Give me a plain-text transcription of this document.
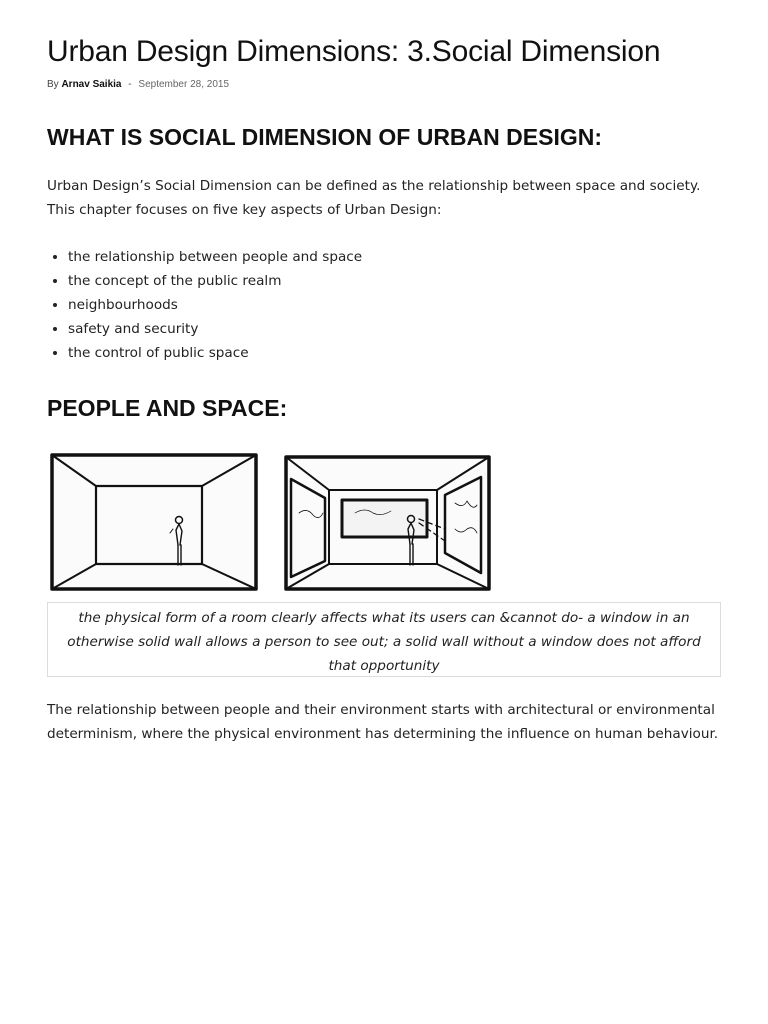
Urban Design Dimensions: 3.Social Dimension
By Arnav Saikia - September 28, 2015
WHAT IS SOCIAL DIMENSION OF URBAN DESIGN:

Urban Design’s Social Dimension can be defined as the relationship between space and society. This chapter focuses on five key aspects of Urban Design:

• the relationship between people and space
• the concept of the public realm
• neighbourhoods
• safety and security
• the control of public space
PEOPLE AND SPACE:
the physical form of a room clearly affects what its users can &cannot do- a window in an otherwise solid wall allows a person to see out; a solid wall without a window does not afford that opportunity

The relationship between people and their environment starts with architectural or environmental determinism, where the physical environment has determining the influence on human behaviour.
